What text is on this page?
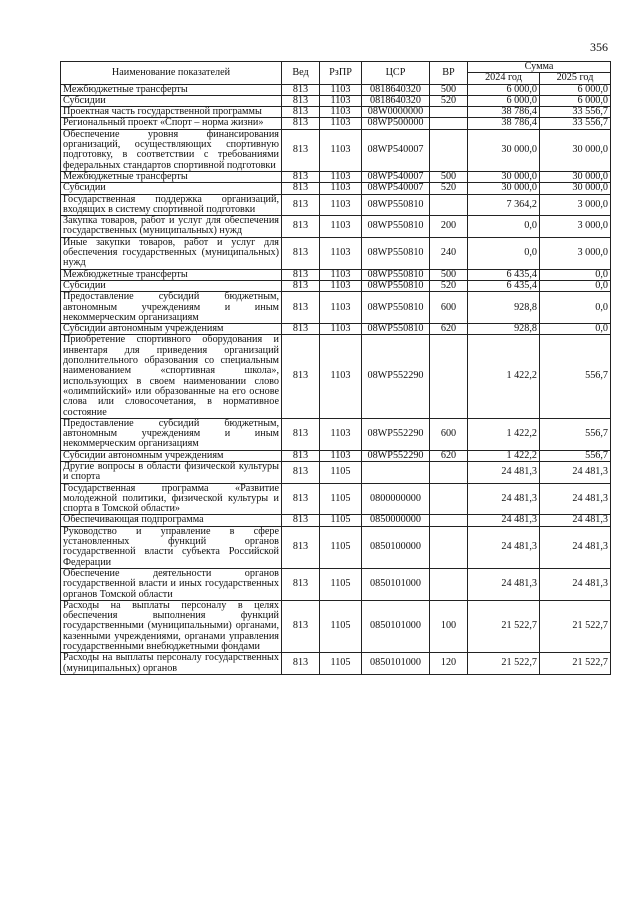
356
Наименование показателей	Вед	РзПР	ЦСР	ВР	Сумма	
					2024 год	2025 год
Межбюджетные трансферты	813	1103	0818640320	500	6 000,0	6 000,0
Субсидии	813	1103	0818640320	520	6 000,0	6 000,0
Проектная часть государственной программы	813	1103	08W0000000		38 786,4	33 556,7
Региональный проект «Спорт – норма жизни»	813	1103	08WP500000		38 786,4	33 556,7
Обеспечение уровня финансирования организаций, осуществляющих спортивную подготовку, в соответствии с требованиями федеральных стандартов спортивной подготовки	813	1103	08WP540007		30 000,0	30 000,0
Межбюджетные трансферты	813	1103	08WP540007	500	30 000,0	30 000,0
Субсидии	813	1103	08WP540007	520	30 000,0	30 000,0
Государственная поддержка организаций, входящих в систему спортивной подготовки	813	1103	08WP550810		7 364,2	3 000,0
Закупка товаров, работ и услуг для обеспечения государственных (муниципальных) нужд	813	1103	08WP550810	200	0,0	3 000,0
Иные закупки товаров, работ и услуг для обеспечения государственных (муниципальных) нужд	813	1103	08WP550810	240	0,0	3 000,0
Межбюджетные трансферты	813	1103	08WP550810	500	6 435,4	0,0
Субсидии	813	1103	08WP550810	520	6 435,4	0,0
Предоставление субсидий бюджетным, автономным учреждениям и иным некоммерческим организациям	813	1103	08WP550810	600	928,8	0,0
Субсидии автономным учреждениям	813	1103	08WP550810	620	928,8	0,0
Приобретение спортивного оборудования и инвентаря для приведения организаций дополнительного образования со специальным наименованием «спортивная школа», использующих в своем наименовании слово «олимпийский» или образованные на его основе слова или словосочетания, в нормативное состояние	813	1103	08WP552290		1 422,2	556,7
Предоставление субсидий бюджетным, автономным учреждениям и иным некоммерческим организациям	813	1103	08WP552290	600	1 422,2	556,7
Субсидии автономным учреждениям	813	1103	08WP552290	620	1 422,2	556,7
Другие вопросы в области физической культуры и спорта	813	1105			24 481,3	24 481,3
Государственная программа «Развитие молодежной политики, физической культуры и спорта в Томской области»	813	1105	0800000000		24 481,3	24 481,3
Обеспечивающая подпрограмма	813	1105	0850000000		24 481,3	24 481,3
Руководство и управление в сфере установленных функций органов государственной власти субъекта Российской Федерации	813	1105	0850100000		24 481,3	24 481,3
Обеспечение деятельности органов государственной власти и иных государственных органов Томской области	813	1105	0850101000		24 481,3	24 481,3
Расходы на выплаты персоналу в целях обеспечения выполнения функций государственными (муниципальными) органами, казенными учреждениями, органами управления государственными внебюджетными фондами	813	1105	0850101000	100	21 522,7	21 522,7
Расходы на выплаты персоналу государственных (муниципальных) органов	813	1105	0850101000	120	21 522,7	21 522,7
